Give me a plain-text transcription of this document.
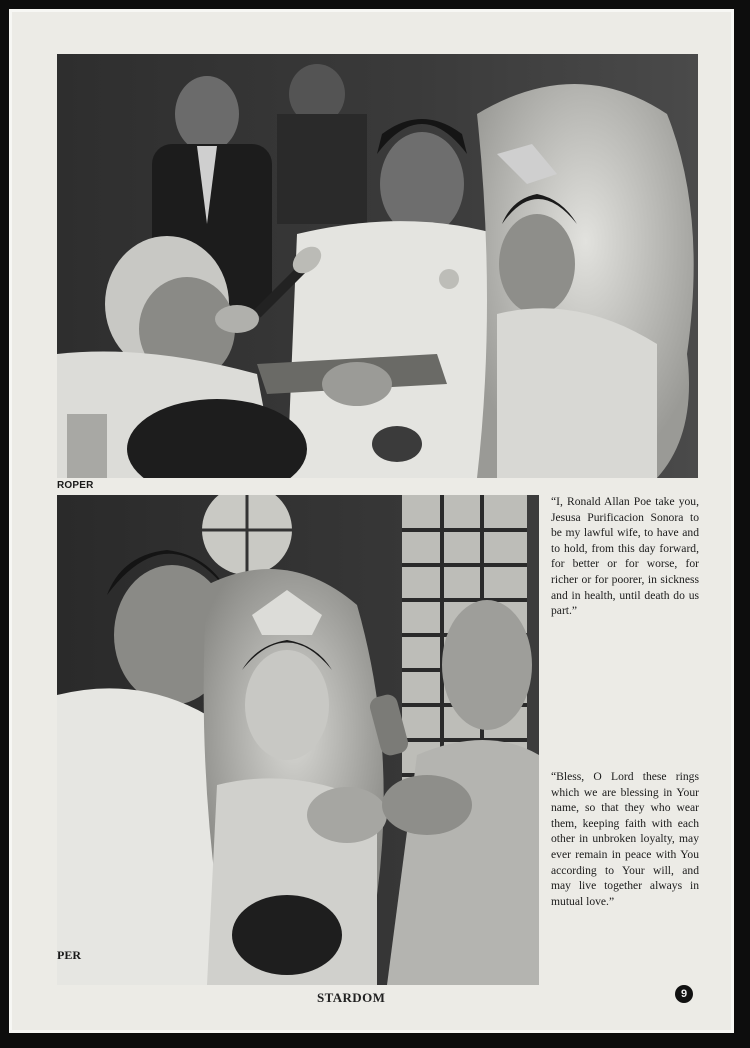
ROPER
PER
“I, Ronald Allan Poe take you, Jesusa Purificacion Sonora to be my lawful wife, to have and to hold, from this day forward, for better or for worse, for richer or for poorer, in sickness and in health, until death do us part.”
“Bless, O Lord these rings which we are blessing in Your name, so that they who wear them, keeping faith with each other in unbroken loyalty, may ever remain in peace with You according to Your will, and may live together always in mutual love.”
STARDOM	9
